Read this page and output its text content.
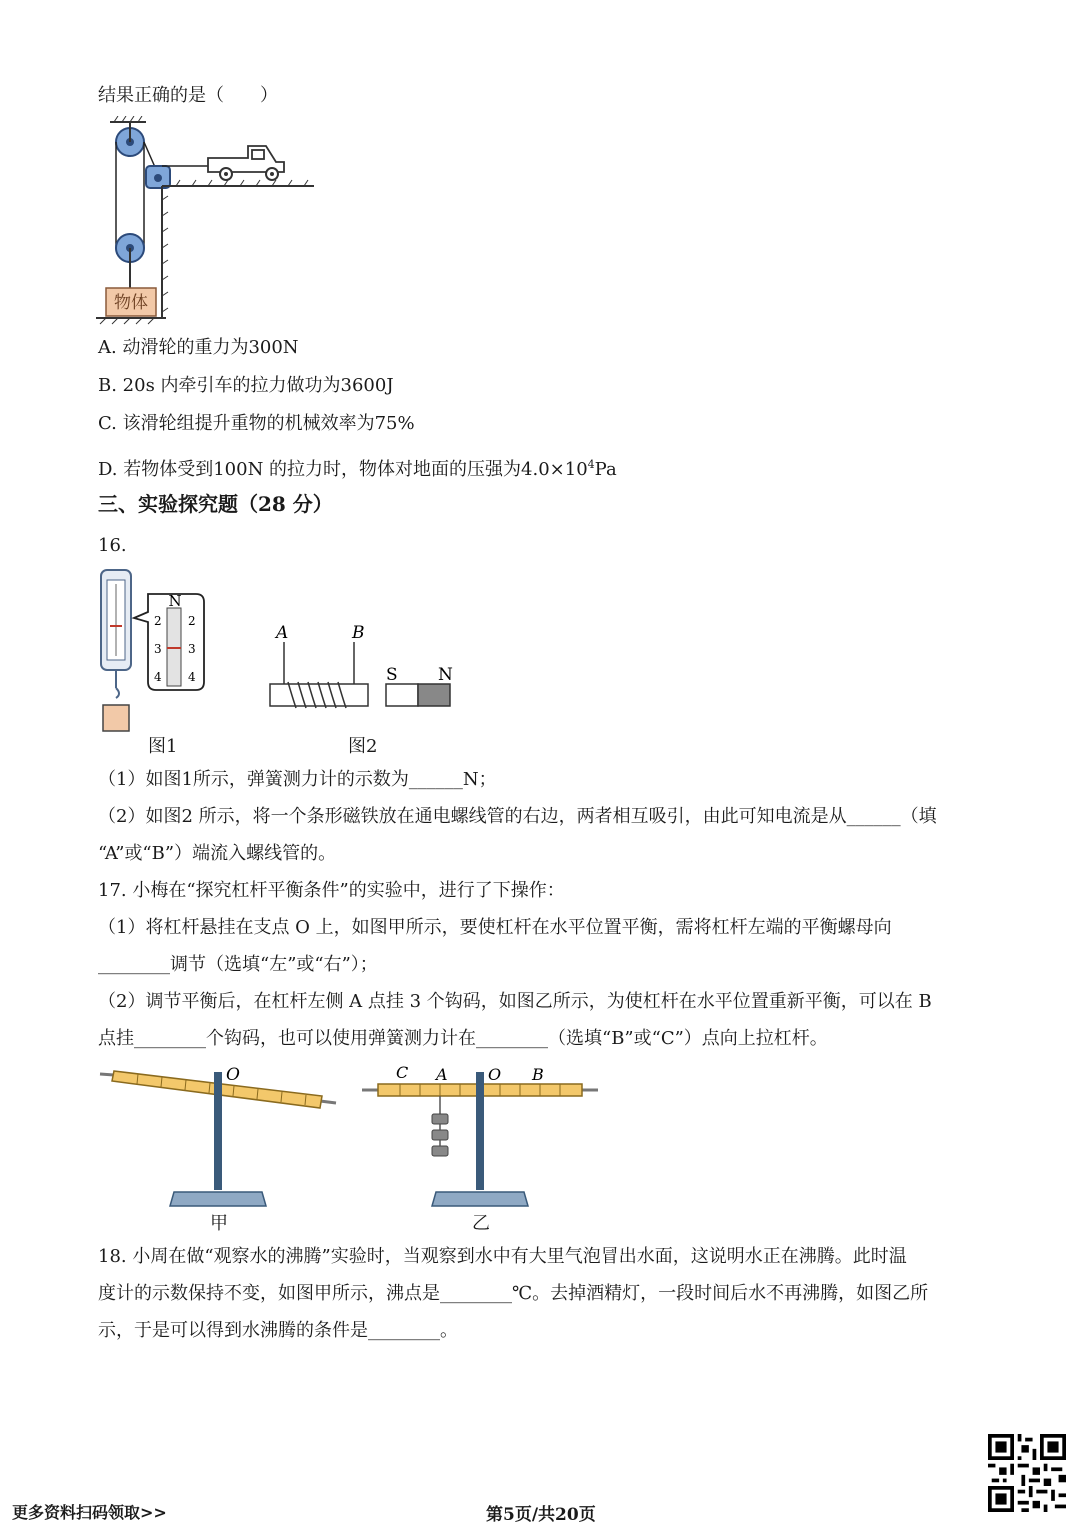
结果正确的是（　　）
物体
A. 动滑轮的重力为300N
B. 20s 内牵引车的拉力做功为3600J
C. 该滑轮组提升重物的机械效率为75%
D. 若物体受到100N 的拉力时，物体对地面的压强为$4.0\times 10^4Pa$
三、实验探究题（28 分）
16.
N
2 2
3 3
4 4
图1
A	B
S N
图2
（1）如图1所示，弹簧测力计的示数为______N；
（2）如图2 所示，将一个条形磁铁放在通电螺线管的右边，两者相互吸引，由此可知电流是从______（填
“A”或“B”）端流入螺线管的。
17. 小梅在“探究杠杆平衡条件”的实验中，进行了下操作：
（1）将杠杆悬挂在支点 O 上，如图甲所示，要使杠杆在水平位置平衡，需将杠杆左端的平衡螺母向
________调节（选填“左”或“右”）；
（2）调节平衡后，在杠杆左侧 A 点挂 3 个钩码，如图乙所示，为使杠杆在水平位置重新平衡，可以在 B
点挂________个钩码，也可以使用弹簧测力计在________（选填“B”或“C”）点向上拉杠杆。
O
甲
C A	O B
乙
18. 小周在做“观察水的沸腾”实验时，当观察到水中有大里气泡冒出水面，这说明水正在沸腾。此时温
度计的示数保持不变，如图甲所示，沸点是________℃。去掉酒精灯，一段时间后水不再沸腾，如图乙所
示，于是可以得到水沸腾的条件是________。
更多资料扫码领取>>	第5页/共20页
